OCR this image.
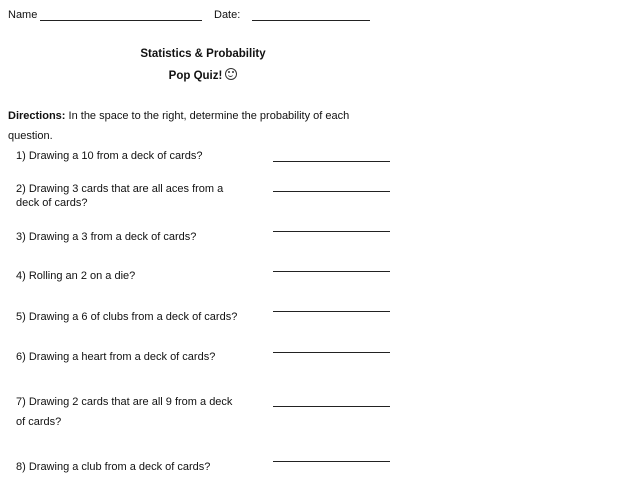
Name	Date:
Statistics & Probability
Pop Quiz!
Directions: In the space to the right, determine the probability of each
question.
1) Drawing a 10 from a deck of cards?
2) Drawing 3 cards that are all aces from a
deck of cards?
3) Drawing a 3 from a deck of cards?
4) Rolling an 2 on a die?
5) Drawing a 6 of clubs from a deck of cards?
6) Drawing a heart from a deck of cards?
7) Drawing 2 cards that are all 9 from a deck
of cards?
8) Drawing a club from a deck of cards?
